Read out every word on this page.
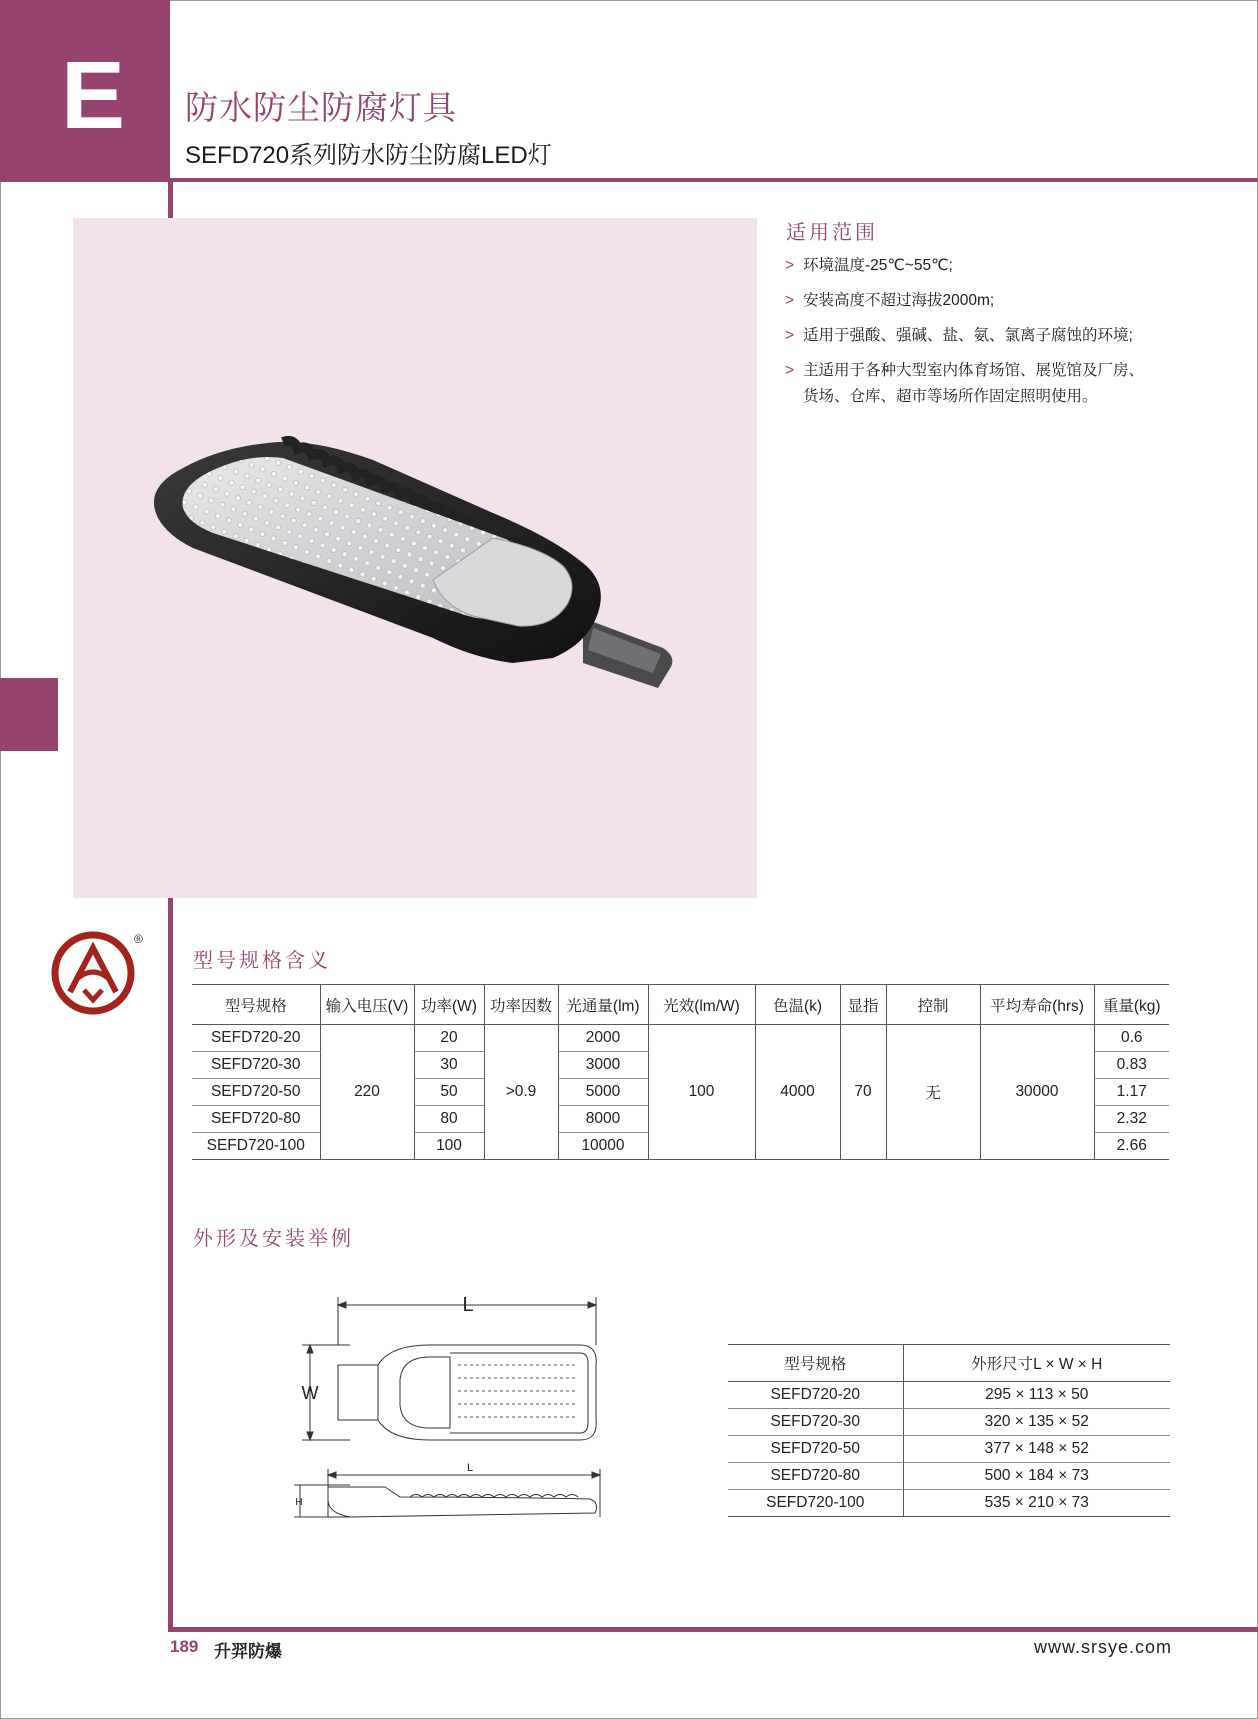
E	防水防尘防腐灯具
SEFD720系列防水防尘防腐LED灯
适用范围
> 环境温度-25℃~55℃;
> 安装高度不超过海拔2000m;
> 适用于强酸、强碱、盐、氨、氯离子腐蚀的环境;
> 主适用于各种大型室内体育场馆、展览馆及厂房、
货场、仓库、超市等场所作固定照明使用。
®
型号规格含义
型号规格	输入电压(V)	功率(W)	功率因数	光通量(lm)	光效(lm/W)	色温(k)	显指	控制	平均寿命(hrs)	重量(kg)
SEFD720-20	220	20	>0.9	2000	100	4000	70	无	30000	0.6
SEFD720-30		30		3000						0.83
SEFD720-50		50		5000						1.17
SEFD720-80		80		8000						2.32
SEFD720-100		100		10000						2.66
外形及安装举例
L
W
L
H
型号规格	外形尺寸L × W × H
SEFD720-20	295 × 113 × 50
SEFD720-30	320 × 135 × 52
SEFD720-50	377 × 148 × 52
SEFD720-80	500 × 184 × 73
SEFD720-100	535 × 210 × 73
189 升羿防爆	www.srsye.com
